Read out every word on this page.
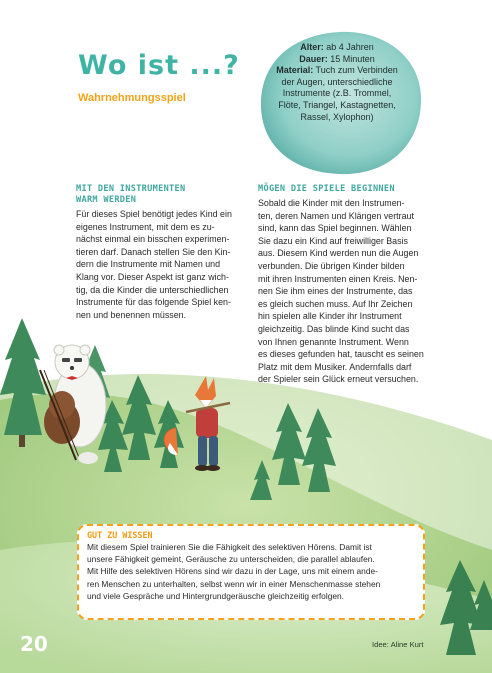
Wo ist ...?
Wahrnehmungsspiel
Alter: ab 4 Jahren
Dauer: 15 Minuten
Material: Tuch zum Verbinden
der Augen, unterschiedliche
Instrumente (z.B. Trommel,
Flöte, Triangel, Kastagnetten,
Rassel, Xylophon)
MIT DEN INSTRUMENTEN
WARM WERDEN
Für dieses Spiel benötigt jedes Kind ein
eigenes Instrument, mit dem es zu-
nächst einmal ein bisschen experimen-
tieren darf. Danach stellen Sie den Kin-
dern die Instrumente mit Namen und
Klang vor. Dieser Aspekt ist ganz wich-
tig, da die Kinder die unterschiedlichen
Instrumente für das folgende Spiel ken-
nen und benennen müssen.
MÖGEN DIE SPIELE BEGINNEN
Sobald die Kinder mit den Instrumen-
ten, deren Namen und Klängen vertraut
sind, kann das Spiel beginnen. Wählen
Sie dazu ein Kind auf freiwilliger Basis
aus. Diesem Kind werden nun die Augen
verbunden. Die übrigen Kinder bilden
mit ihren Instrumenten einen Kreis. Nen-
nen Sie ihm eines der Instrumente, das
es gleich suchen muss. Auf Ihr Zeichen
hin spielen alle Kinder ihr Instrument
gleichzeitig. Das blinde Kind sucht das
von Ihnen genannte Instrument. Wenn
es dieses gefunden hat, tauscht es seinen
Platz mit dem Musiker. Andernfalls darf
der Spieler sein Glück erneut versuchen.
GUT ZU WISSEN
Mit diesem Spiel trainieren Sie die Fähigkeit des selektiven Hörens. Damit ist
unsere Fähigkeit gemeint, Geräusche zu unterscheiden, die parallel ablaufen.
Mit Hilfe des selektiven Hörens sind wir dazu in der Lage, uns mit einem ande-
ren Menschen zu unterhalten, selbst wenn wir in einer Menschenmasse stehen
und viele Gespräche und Hintergrundgeräusche gleichzeitig erfolgen.
20	Idee: Aline Kurt
